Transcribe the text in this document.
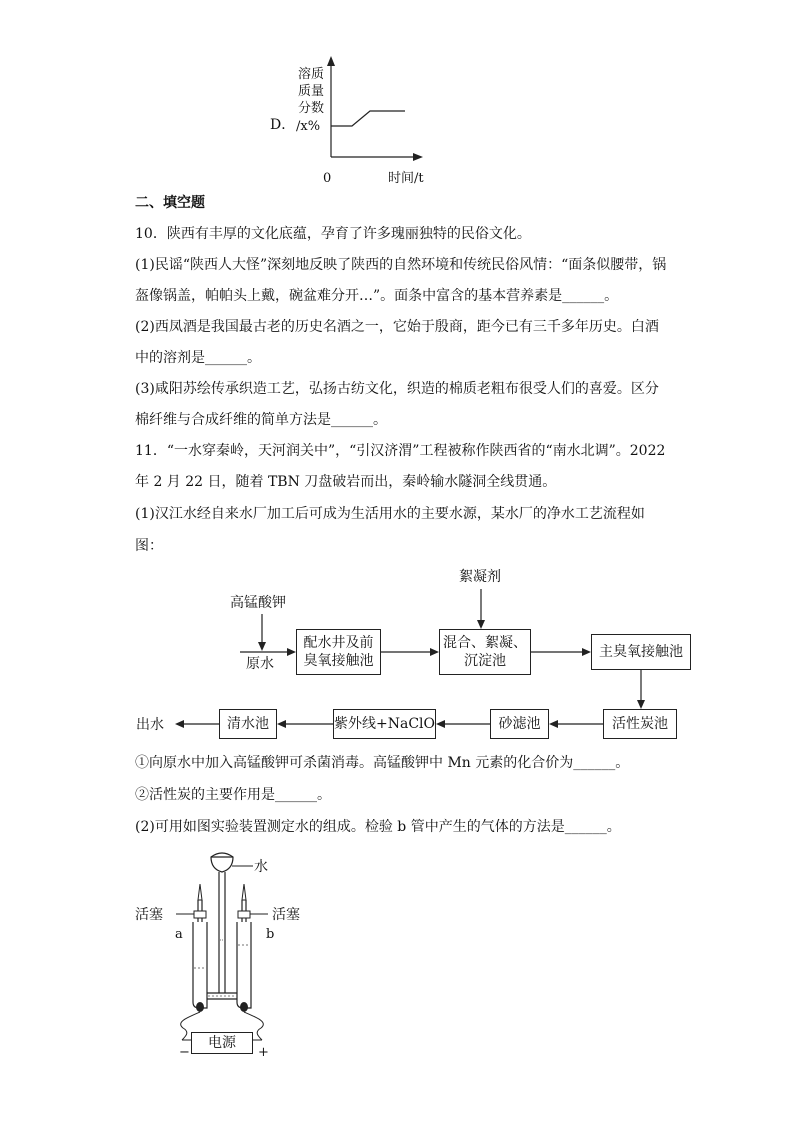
D．
溶质
质量
分数
/x%
0	时间/t
二、填空题
10．陕西有丰厚的文化底蕴，孕育了许多瑰丽独特的民俗文化。
(1)民谣“陕西人大怪”深刻地反映了陕西的自然环境和传统民俗风情：“面条似腰带，锅
盔像锅盖，帕帕头上戴，碗盆难分开…”。面条中富含的基本营养素是______。
(2)西凤酒是我国最古老的历史名酒之一，它始于殷商，距今已有三千多年历史。白酒
中的溶剂是______。
(3)咸阳苏绘传承织造工艺，弘扬古纺文化，织造的棉质老粗布很受人们的喜爱。区分
棉纤维与合成纤维的简单方法是______。
11．“一水穿秦岭，天河润关中”，“引汉济渭”工程被称作陕西省的“南水北调”。2022
年 2 月 22 日，随着 TBN 刀盘破岩而出，秦岭输水隧洞全线贯通。
(1)汉江水经自来水厂加工后可成为生活用水的主要水源，某水厂的净水工艺流程如
图：
高锰酸钾
原水
絮凝剂
配水井及前
臭氧接触池
混合、絮凝、
沉淀池
主臭氧接触池
活性炭池
砂滤池
紫外线+NaClO
清水池
出水
①向原水中加入高锰酸钾可杀菌消毒。高锰酸钾中 Mn 元素的化合价为______。
②活性炭的主要作用是______。
(2)可用如图实验装置测定水的组成。检验 b 管中产生的气体的方法是______。
水
活塞	活塞
a	b
电源
−	+
